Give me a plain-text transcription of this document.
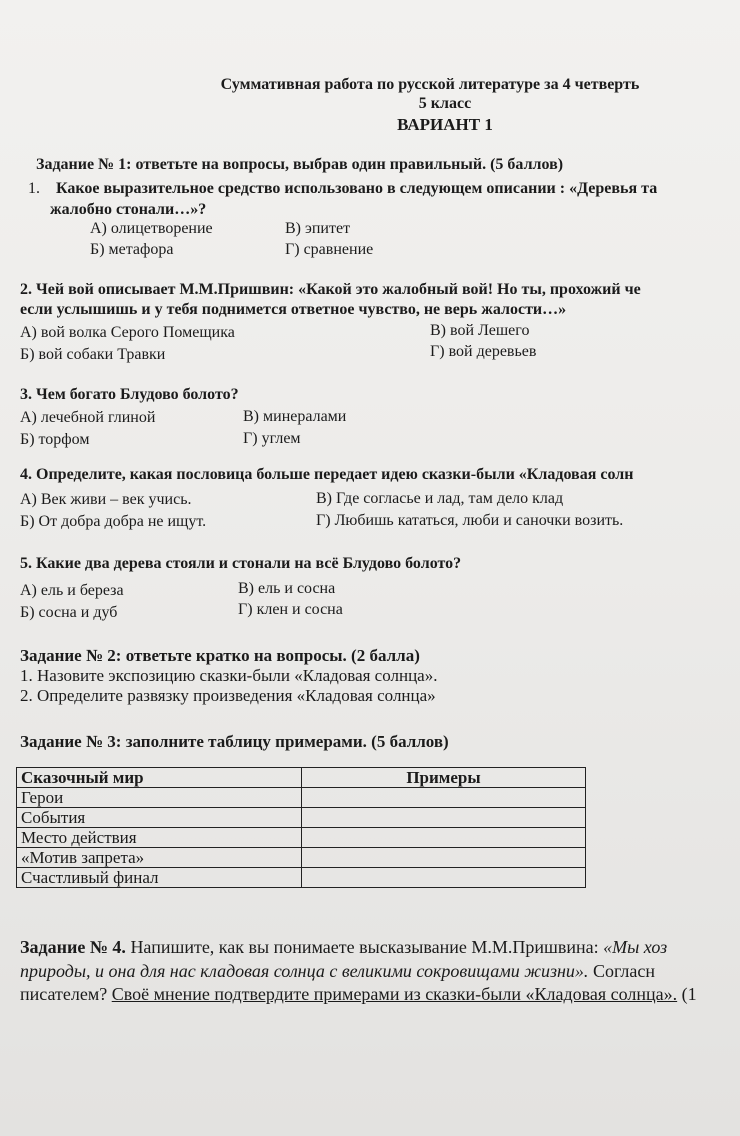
Суммативная работа по русской литературе за 4 четверть
5 класс
ВАРИАНТ 1
Задание № 1: ответьте на вопросы, выбрав один правильный. (5 баллов)
1. Какое выразительное средство использовано в следующем описании : «Деревья та
жалобно стонали…»?
А) олицетворение
Б) метафора
В) эпитет
Г) сравнение
2. Чей вой описывает М.М.Пришвин: «Какой это жалобный вой! Но ты, прохожий че
если услышишь и у тебя поднимется ответное чувство, не верь жалости…»
А) вой волка Серого Помещика
Б) вой собаки Травки
В) вой Лешего
Г) вой деревьев
3. Чем богато Блудово болото?
А) лечебной глиной
Б) торфом
В) минералами
Г) углем
4. Определите, какая пословица больше передает идею сказки-были «Кладовая солн
А) Век живи – век учись.
Б) От добра добра не ищут.
В) Где согласье и лад, там дело клад
Г) Любишь кататься, люби и саночки возить.
5. Какие два дерева стояли и стонали на всё Блудово болото?
А) ель и береза
Б) сосна и дуб
В) ель и сосна
Г) клен и сосна
Задание № 2: ответьте кратко на вопросы. (2 балла)
1. Назовите экспозицию сказки-были «Кладовая солнца».
2. Определите развязку произведения «Кладовая солнца»
Задание № 3: заполните таблицу примерами. (5 баллов)
Сказочный мир	Примеры
Герои	
События	
Место действия	
«Мотив запрета»	
Счастливый финал	
Задание № 4. Напишите, как вы понимаете высказывание М.М.Пришвина: «Мы хоз
природы, и она для нас кладовая солнца с великими сокровищами жизни». Согласн
писателем? Своё мнение подтвердите примерами из сказки-были «Кладовая солнца». (1
